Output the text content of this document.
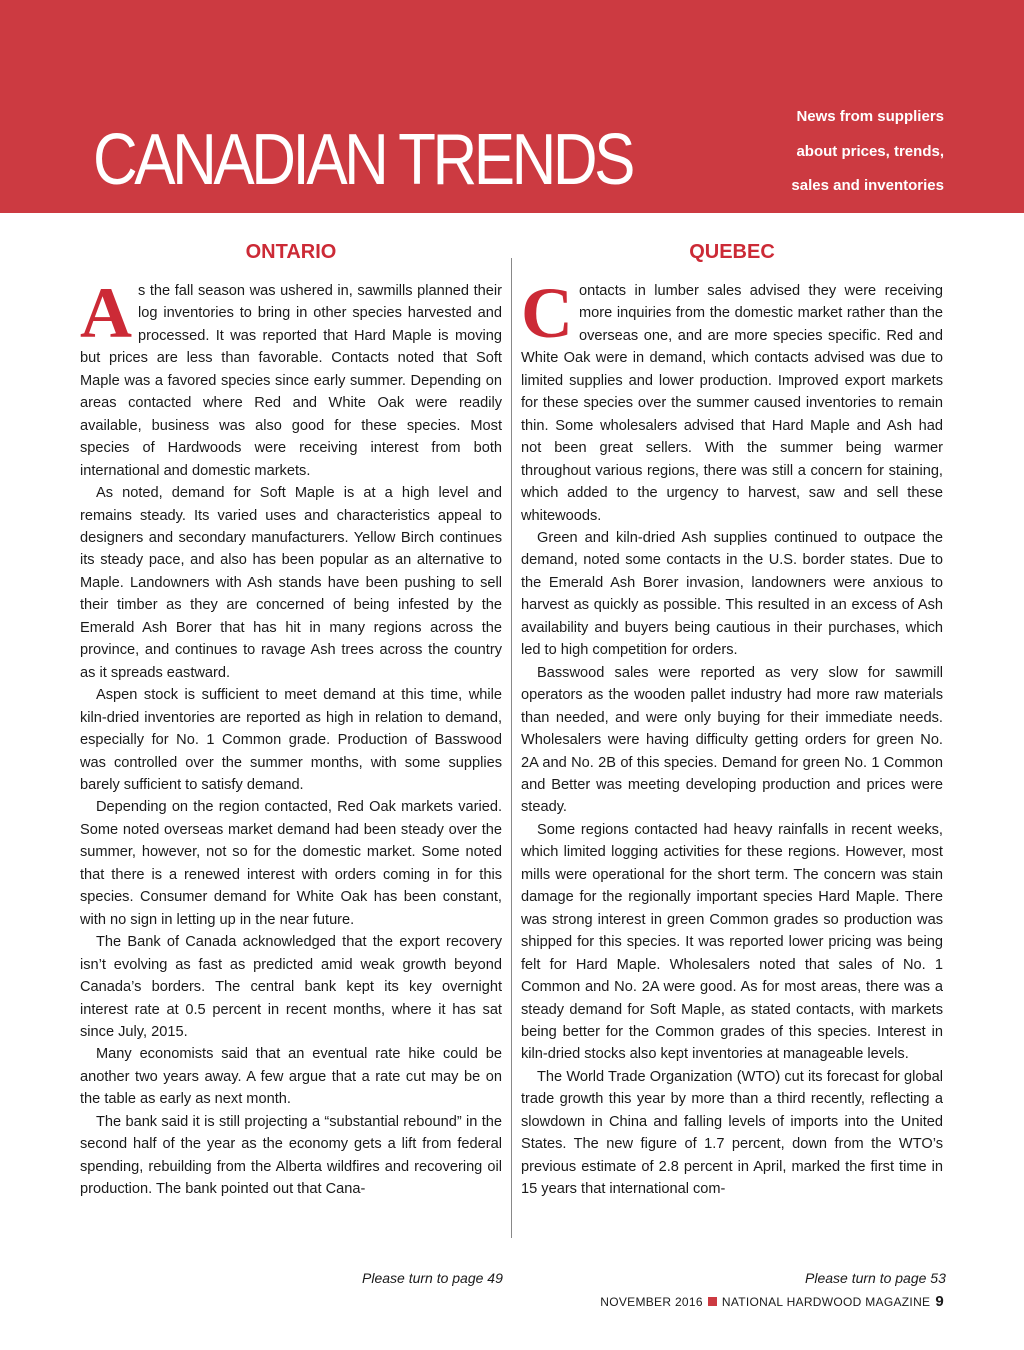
CANADIAN TRENDS
News from suppliers
about prices, trends,
sales and inventories
ONTARIO

As the fall season was ushered in, sawmills planned their log inventories to bring in other species harvested and processed. It was reported that Hard Maple is moving but prices are less than favorable. Contacts noted that Soft Maple was a favored species since early summer. Depending on areas contacted where Red and White Oak were readily available, business was also good for these species. Most species of Hardwoods were receiving interest from both international and domestic markets.

As noted, demand for Soft Maple is at a high level and remains steady. Its varied uses and characteristics appeal to designers and secondary manufacturers. Yellow Birch continues its steady pace, and also has been popular as an alternative to Maple. Landowners with Ash stands have been pushing to sell their timber as they are concerned of being infested by the Emerald Ash Borer that has hit in many regions across the province, and continues to ravage Ash trees across the country as it spreads eastward.

Aspen stock is sufficient to meet demand at this time, while kiln-dried inventories are reported as high in relation to demand, especially for No. 1 Common grade. Production of Basswood was controlled over the summer months, with some supplies barely sufficient to satisfy demand.

Depending on the region contacted, Red Oak markets varied. Some noted overseas market demand had been steady over the summer, however, not so for the domestic market. Some noted that there is a renewed interest with orders coming in for this species. Consumer demand for White Oak has been constant, with no sign in letting up in the near future.

The Bank of Canada acknowledged that the export recovery isn’t evolving as fast as predicted amid weak growth beyond Canada’s borders. The central bank kept its key overnight interest rate at 0.5 percent in recent months, where it has sat since July, 2015.

Many economists said that an eventual rate hike could be another two years away. A few argue that a rate cut may be on the table as early as next month.

The bank said it is still projecting a “substantial rebound” in the second half of the year as the economy gets a lift from federal spending, rebuilding from the Alberta wildfires and recovering oil production. The bank pointed out that Cana-

QUEBEC

Contacts in lumber sales advised they were receiving more inquiries from the domestic market rather than the overseas one, and are more species specific. Red and White Oak were in demand, which contacts advised was due to limited supplies and lower production. Improved export markets for these species over the summer caused inventories to remain thin. Some wholesalers advised that Hard Maple and Ash had not been great sellers. With the summer being warmer throughout various regions, there was still a concern for staining, which added to the urgency to harvest, saw and sell these whitewoods.

Green and kiln-dried Ash supplies continued to outpace the demand, noted some contacts in the U.S. border states. Due to the Emerald Ash Borer invasion, landowners were anxious to harvest as quickly as possible. This resulted in an excess of Ash availability and buyers being cautious in their purchases, which led to high competition for orders.

Basswood sales were reported as very slow for sawmill operators as the wooden pallet industry had more raw materials than needed, and were only buying for their immediate needs. Wholesalers were having difficulty getting orders for green No. 2A and No. 2B of this species. Demand for green No. 1 Common and Better was meeting developing production and prices were steady.

Some regions contacted had heavy rainfalls in recent weeks, which limited logging activities for these regions. However, most mills were operational for the short term. The concern was stain damage for the regionally important species Hard Maple. There was strong interest in green Common grades so production was shipped for this species. It was reported lower pricing was being felt for Hard Maple. Wholesalers noted that sales of No. 1 Common and No. 2A were good. As for most areas, there was a steady demand for Soft Maple, as stated contacts, with markets being better for the Common grades of this species. Interest in kiln-dried stocks also kept inventories at manageable levels.

The World Trade Organization (WTO) cut its forecast for global trade growth this year by more than a third recently, reflecting a slowdown in China and falling levels of imports into the United States. The new figure of 1.7 percent, down from the WTO’s previous estimate of 2.8 percent in April, marked the first time in 15 years that international com-

Please turn to page 49	Please turn to page 53
NOVEMBER 2016 NATIONAL HARDWOOD MAGAZINE 9
